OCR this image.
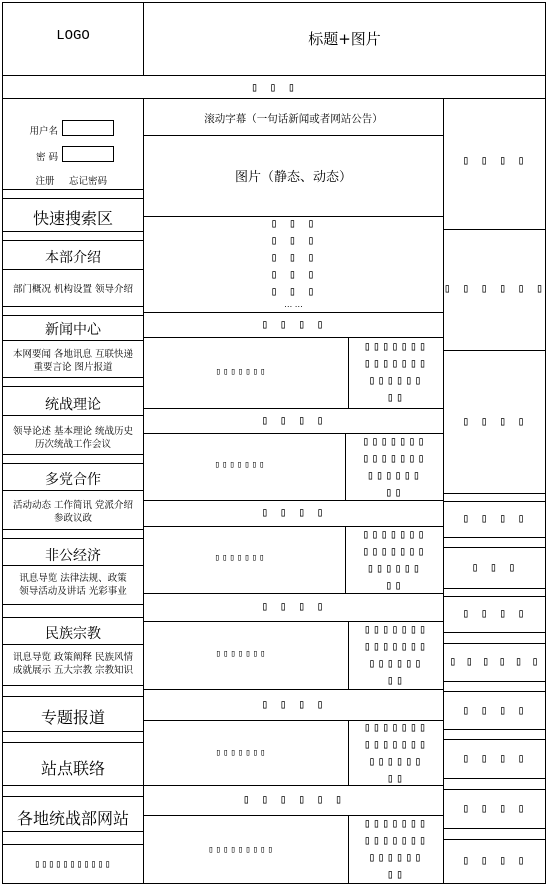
LOGO	标题+图片
▯ ▯ ▯
用户名
密 码
注册	忘记密码
快速搜索区
本部介绍
部门概况 机构设置 领导介绍
新闻中心
本网要闻 各地讯息 互联快递
重要言论 图片报道
统战理论
领导论述 基本理论 统战历史
历次统战工作会议
多党合作
活动动态 工作简讯 党派介绍
参政议政
非公经济
讯息导览 法律法规、政策
领导活动及讲话 光彩事业
民族宗教
讯息导览 政策阐释 民族风情
成就展示 五大宗教 宗教知识
专题报道
站点联络
各地统战部网站
▯▯▯▯▯▯▯▯▯▯▯
滚动字幕（一句话新闻或者网站公告）
图片（静态、动态）
▯ ▯ ▯
▯ ▯ ▯
▯ ▯ ▯
▯ ▯ ▯
▯ ▯ ▯
… …
▯ ▯ ▯ ▯
▯▯▯▯▯▯▯
▯▯▯▯▯▯▯
▯▯▯▯▯▯▯
▯▯▯▯▯▯
▯▯
▯ ▯ ▯ ▯
▯▯▯▯▯▯▯
▯▯▯▯▯▯▯
▯▯▯▯▯▯▯
▯▯▯▯▯▯
▯▯
▯ ▯ ▯ ▯
▯▯▯▯▯▯▯
▯▯▯▯▯▯▯
▯▯▯▯▯▯▯
▯▯▯▯▯▯
▯▯
▯ ▯ ▯ ▯
▯▯▯▯▯▯▯
▯▯▯▯▯▯▯
▯▯▯▯▯▯▯
▯▯▯▯▯▯
▯▯
▯ ▯ ▯ ▯
▯▯▯▯▯▯▯
▯▯▯▯▯▯▯
▯▯▯▯▯▯▯
▯▯▯▯▯▯
▯▯
▯ ▯ ▯ ▯ ▯ ▯
▯▯▯▯▯▯▯▯▯
▯▯▯▯▯▯▯
▯▯▯▯▯▯▯
▯▯▯▯▯▯
▯▯
▯ ▯ ▯ ▯
▯ ▯ ▯ ▯ ▯ ▯
▯ ▯ ▯ ▯
▯ ▯ ▯ ▯
▯ ▯ ▯
▯ ▯ ▯ ▯
▯ ▯ ▯ ▯ ▯ ▯
▯ ▯ ▯ ▯
▯ ▯ ▯ ▯
▯ ▯ ▯ ▯
▯ ▯ ▯ ▯
